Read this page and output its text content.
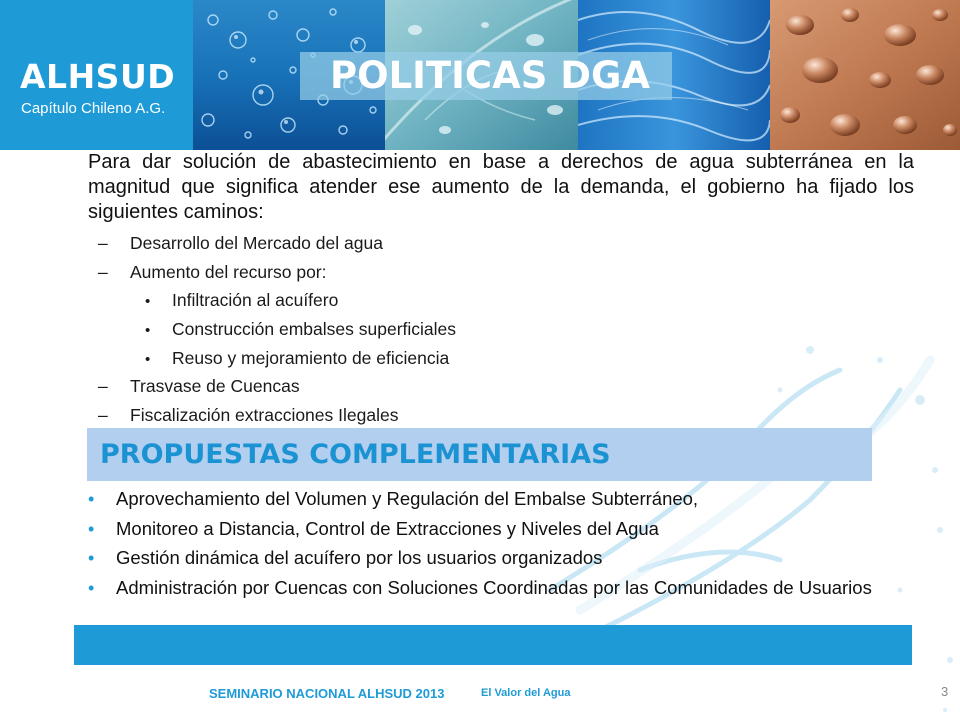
ALHSUD
Capítulo Chileno A.G.
POLITICAS DGA

Para dar solución de abastecimiento en base a derechos de agua subterránea en la magnitud que significa atender ese aumento de la demanda, el gobierno ha fijado los siguientes caminos:

– Desarrollo del Mercado del agua
– Aumento del recurso por:
• Infiltración al acuífero
• Construcción embalses superficiales
• Reuso y mejoramiento de eficiencia
– Trasvase de Cuencas
– Fiscalización extracciones Ilegales
PROPUESTAS COMPLEMENTARIAS
• Aprovechamiento del Volumen y Regulación del Embalse Subterráneo,
• Monitoreo a Distancia, Control de Extracciones y Niveles del Agua
• Gestión dinámica del acuífero por los usuarios organizados
• Administración por Cuencas con Soluciones Coordinadas por las Comunidades de Usuarios
SEMINARIO NACIONAL ALHSUD 2013	El Valor del Agua	3
